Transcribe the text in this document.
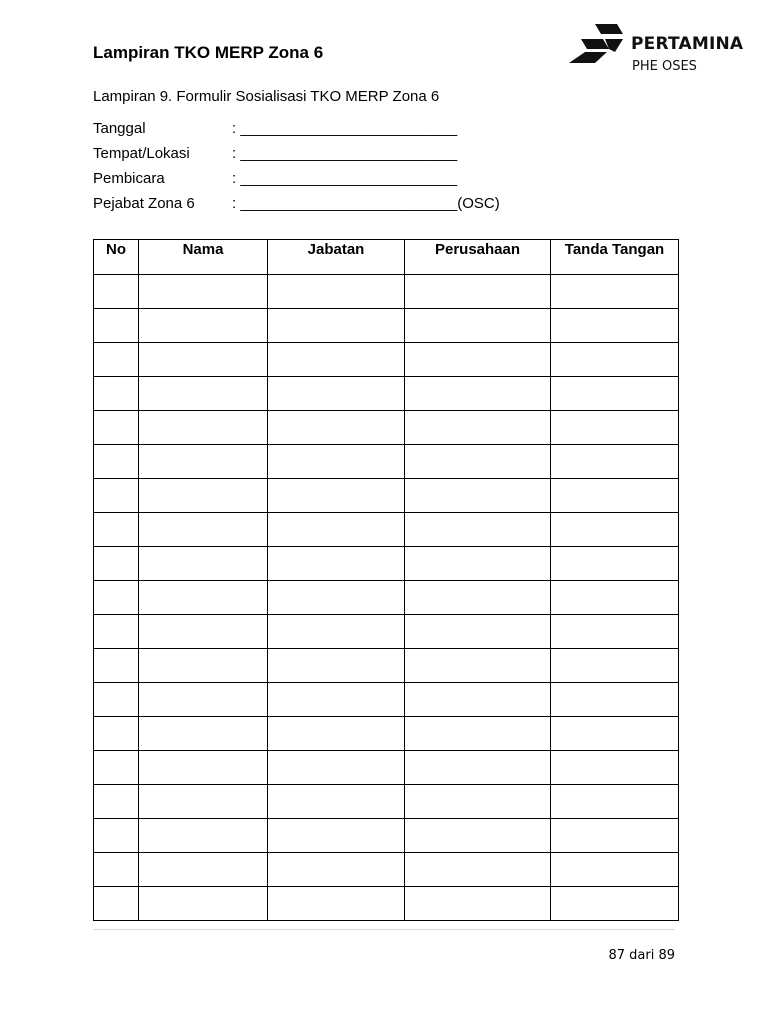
Lampiran TKO MERP Zona 6	PERTAMINA
PHE OSES

Lampiran 9. Formulir Sosialisasi TKO MERP Zona 6

Tanggal	: __________________________
Tempat/Lokasi	: __________________________
Pembicara	: __________________________
Pejabat Zona 6 : __________________________(OSC)
No	Nama	Jabatan	Perusahaan	Tanda Tangan

87 dari 89
